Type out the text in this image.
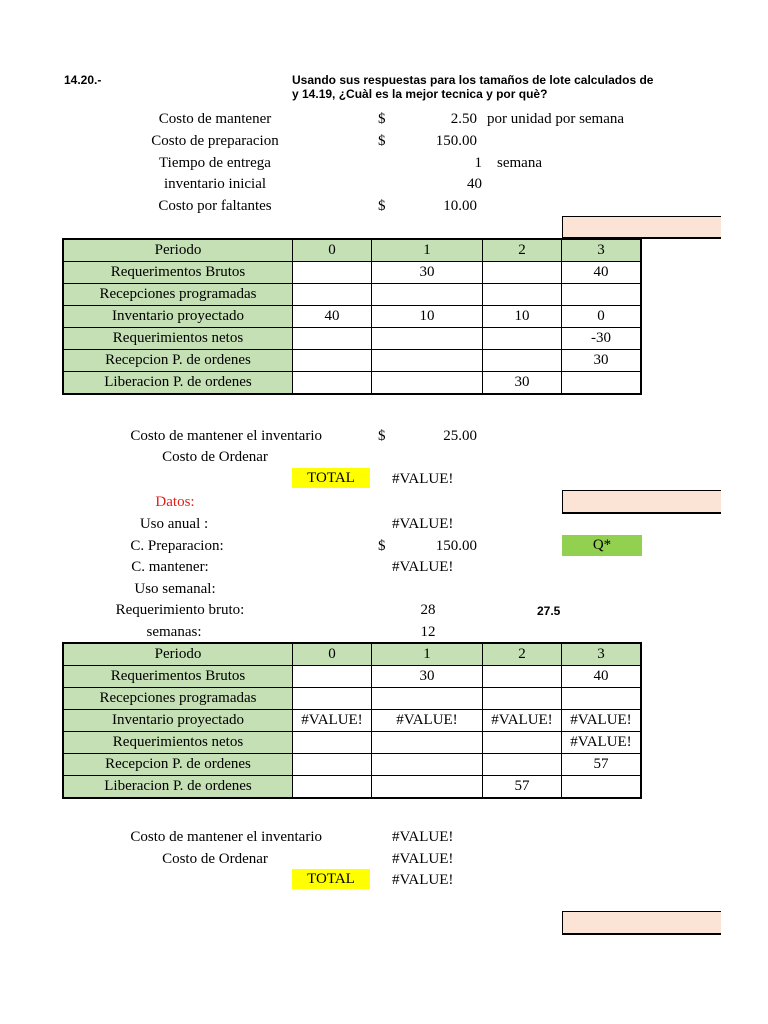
14.20.-	Usando sus respuestas para los tamaños de lote calculados de
y 14.19, ¿Cuàl es la mejor tecnica y por què?
Costo de mantener	$	2.50 por unidad por semana
Costo de preparacion	$	150.00
Tiempo de entrega	1 semana
inventario inicial	40
Costo por faltantes	$	10.00
Periodo	0	1	2	3
Requerimentos Brutos		30		40
Recepciones programadas				
Inventario proyectado	40	10	10	0
Requerimientos netos				-30
Recepcion P. de ordenes				30
Liberacion P. de ordenes			30	
Costo de mantener el inventario	$	25.00
Costo de Ordenar
TOTAL	#VALUE!
Datos:
Uso anual :	#VALUE!
C. Preparacion:	$	150.00	Q*
C. mantener:	#VALUE!
Uso semanal:
Requerimiento bruto:	28	27.5
semanas:	12
Periodo	0	1	2	3
Requerimentos Brutos		30		40
Recepciones programadas				
Inventario proyectado	#VALUE!	#VALUE!	#VALUE!	#VALUE!
Requerimientos netos				#VALUE!
Recepcion P. de ordenes				57
Liberacion P. de ordenes			57	
Costo de mantener el inventario	#VALUE!
Costo de Ordenar	#VALUE!
TOTAL	#VALUE!
